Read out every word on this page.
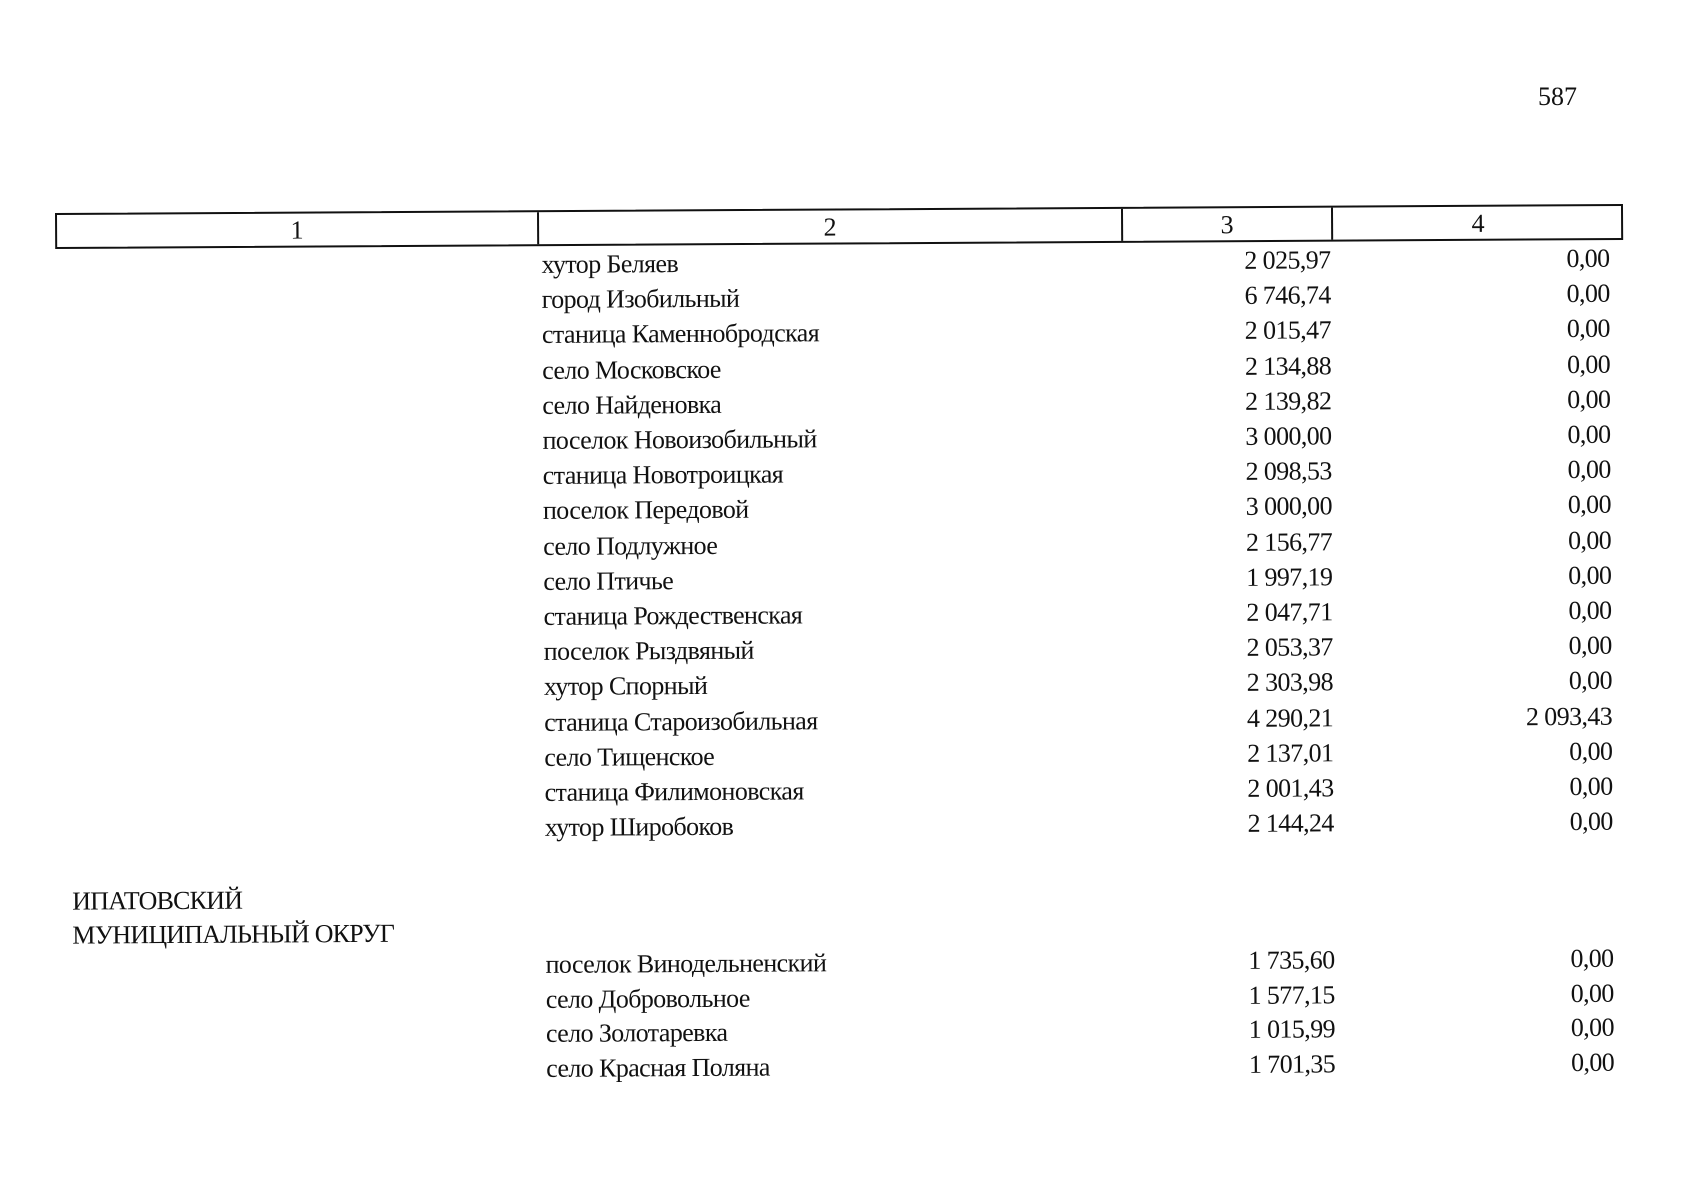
587
1	2	3	4
хутор Беляев	2 025,97	0,00
город Изобильный	6 746,74	0,00
станица Каменнобродская	2 015,47	0,00
село Московское	2 134,88	0,00
село Найденовка	2 139,82	0,00
поселок Новоизобильный	3 000,00	0,00
станица Новотроицкая	2 098,53	0,00
поселок Передовой	3 000,00	0,00
село Подлужное	2 156,77	0,00
село Птичье	1 997,19	0,00
станица Рождественская	2 047,71	0,00
поселок Рыздвяный	2 053,37	0,00
хутор Спорный	2 303,98	0,00
станица Староизобильная	4 290,21	2 093,43
село Тищенское	2 137,01	0,00
станица Филимоновская	2 001,43	0,00
хутор Широбоков	2 144,24	0,00
ИПАТОВСКИЙ
МУНИЦИПАЛЬНЫЙ ОКРУГ
поселок Винодельненский	1 735,60	0,00
село Добровольное	1 577,15	0,00
село Золотаревка	1 015,99	0,00
село Красная Поляна	1 701,35	0,00
